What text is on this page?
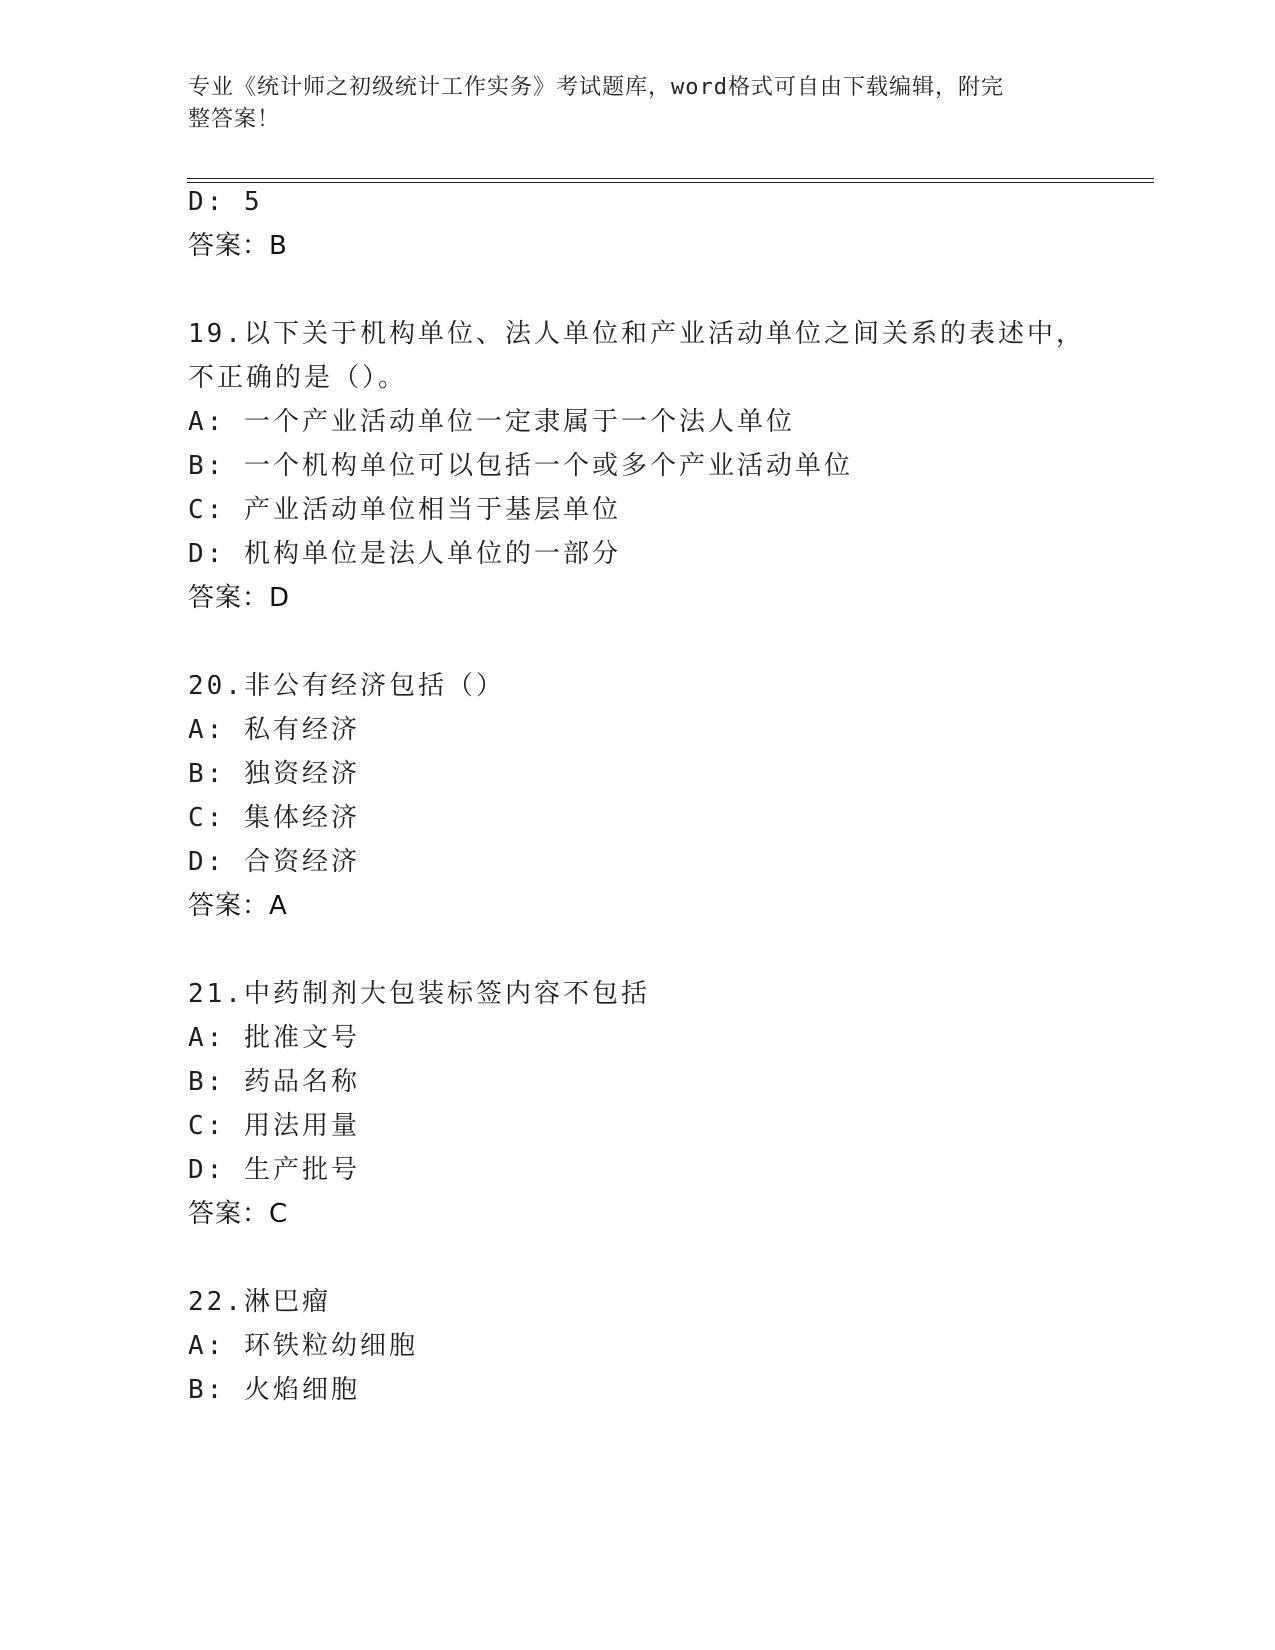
专业《统计师之初级统计工作实务》考试题库，word格式可自由下载编辑，附完
整答案！
D: 5
答案：B
19.以下关于机构单位、法人单位和产业活动单位之间关系的表述中，
不正确的是（）。
A: 一个产业活动单位一定隶属于一个法人单位
B: 一个机构单位可以包括一个或多个产业活动单位
C: 产业活动单位相当于基层单位
D: 机构单位是法人单位的一部分
答案：D
20.非公有经济包括（）
A: 私有经济
B: 独资经济
C: 集体经济
D: 合资经济
答案：A
21.中药制剂大包装标签内容不包括
A: 批准文号
B: 药品名称
C: 用法用量
D: 生产批号
答案：C
22.淋巴瘤
A: 环铁粒幼细胞
B: 火焰细胞
